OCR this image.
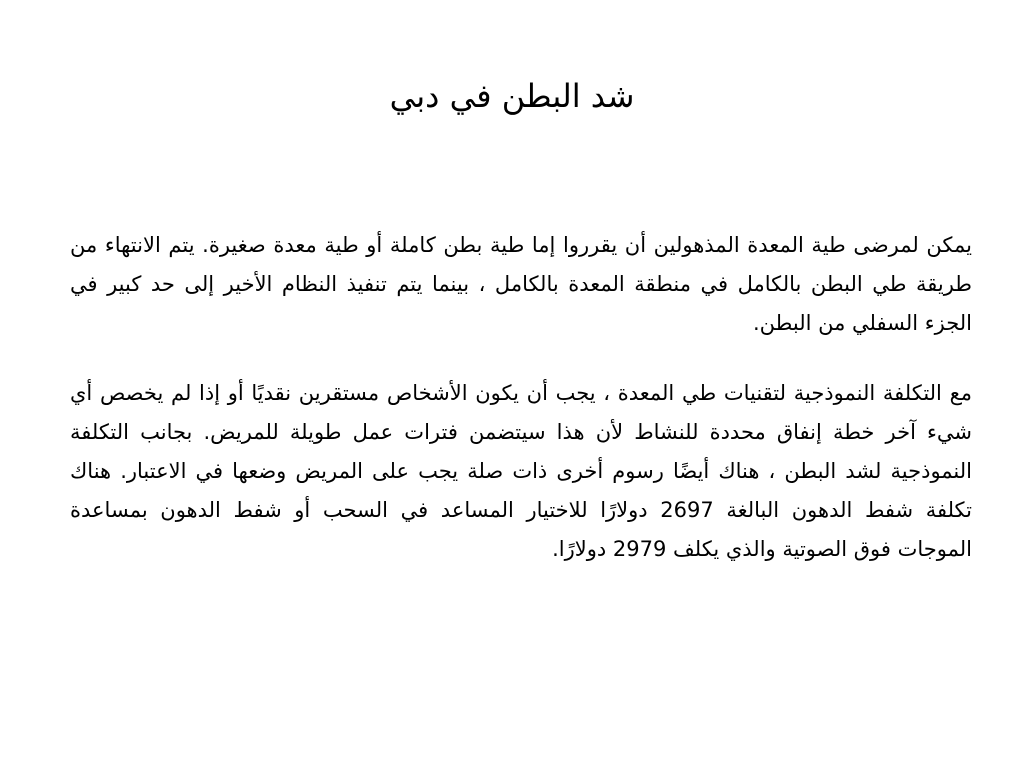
شد البطن في دبي

يمكن لمرضى طية المعدة المذهولين أن يقرروا إما طية بطن كاملة أو طية معدة صغيرة. يتم الانتهاء من طريقة طي البطن بالكامل في منطقة المعدة بالكامل ، بينما يتم تنفيذ النظام الأخير إلى حد كبير في الجزء السفلي من البطن.

مع التكلفة النموذجية لتقنيات طي المعدة ، يجب أن يكون الأشخاص مستقرين نقديًا أو إذا لم يخصص أي شيء آخر خطة إنفاق محددة للنشاط لأن هذا سيتضمن فترات عمل طويلة للمريض. بجانب التكلفة النموذجية لشد البطن ، هناك أيضًا رسوم أخرى ذات صلة يجب على المريض وضعها في الاعتبار. هناك تكلفة شفط الدهون البالغة 2697 دولارًا للاختيار المساعد في السحب أو شفط الدهون بمساعدة الموجات فوق الصوتية والذي يكلف 2979 دولارًا.
